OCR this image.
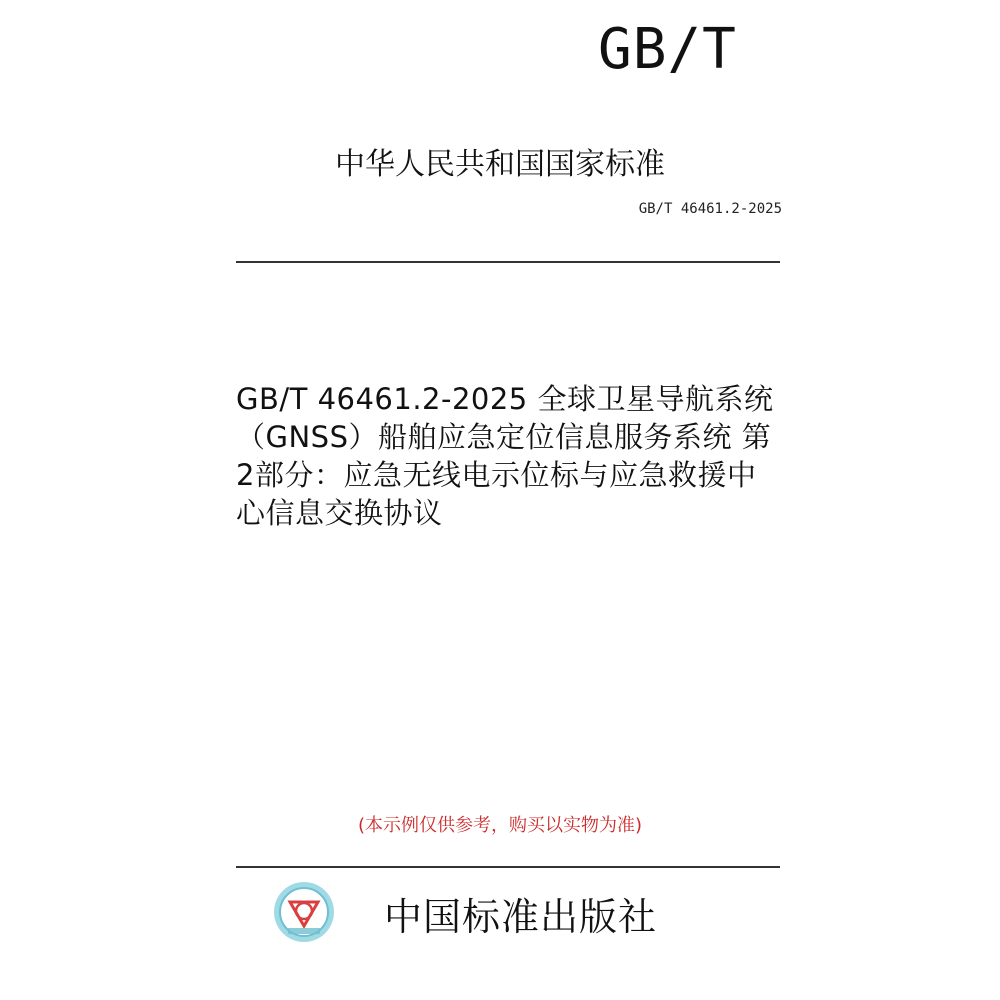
GB/T
中华人民共和国国家标准
GB/T 46461.2-2025
GB/T 46461.2-2025 全球卫星导航系统
（GNSS）船舶应急定位信息服务系统 第
2部分：应急无线电示位标与应急救援中
心信息交换协议
(本示例仅供参考，购买以实物为准)
中国标准出版社
